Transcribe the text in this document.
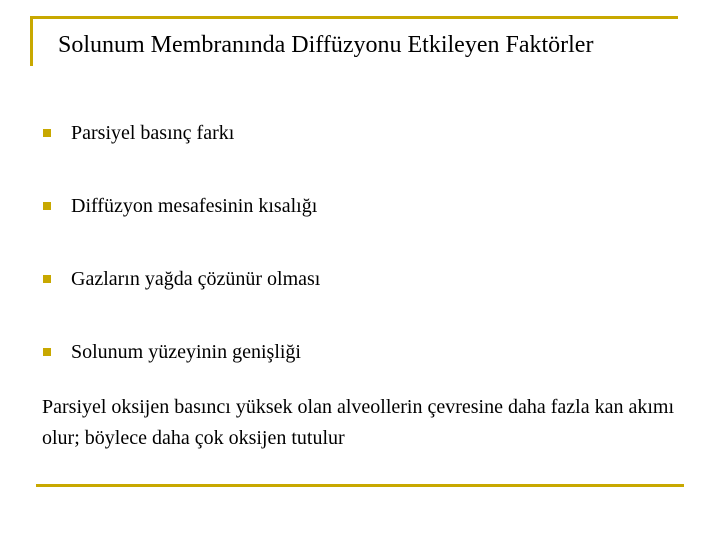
Solunum Membranında Diffüzyonu Etkileyen Faktörler
Parsiyel basınç farkı
Diffüzyon mesafesinin kısalığı
Gazların yağda çözünür olması
Solunum yüzeyinin genişliği

Parsiyel oksijen basıncı yüksek olan alveollerin çevresine daha fazla kan akımı olur; böylece daha çok oksijen tutulur
